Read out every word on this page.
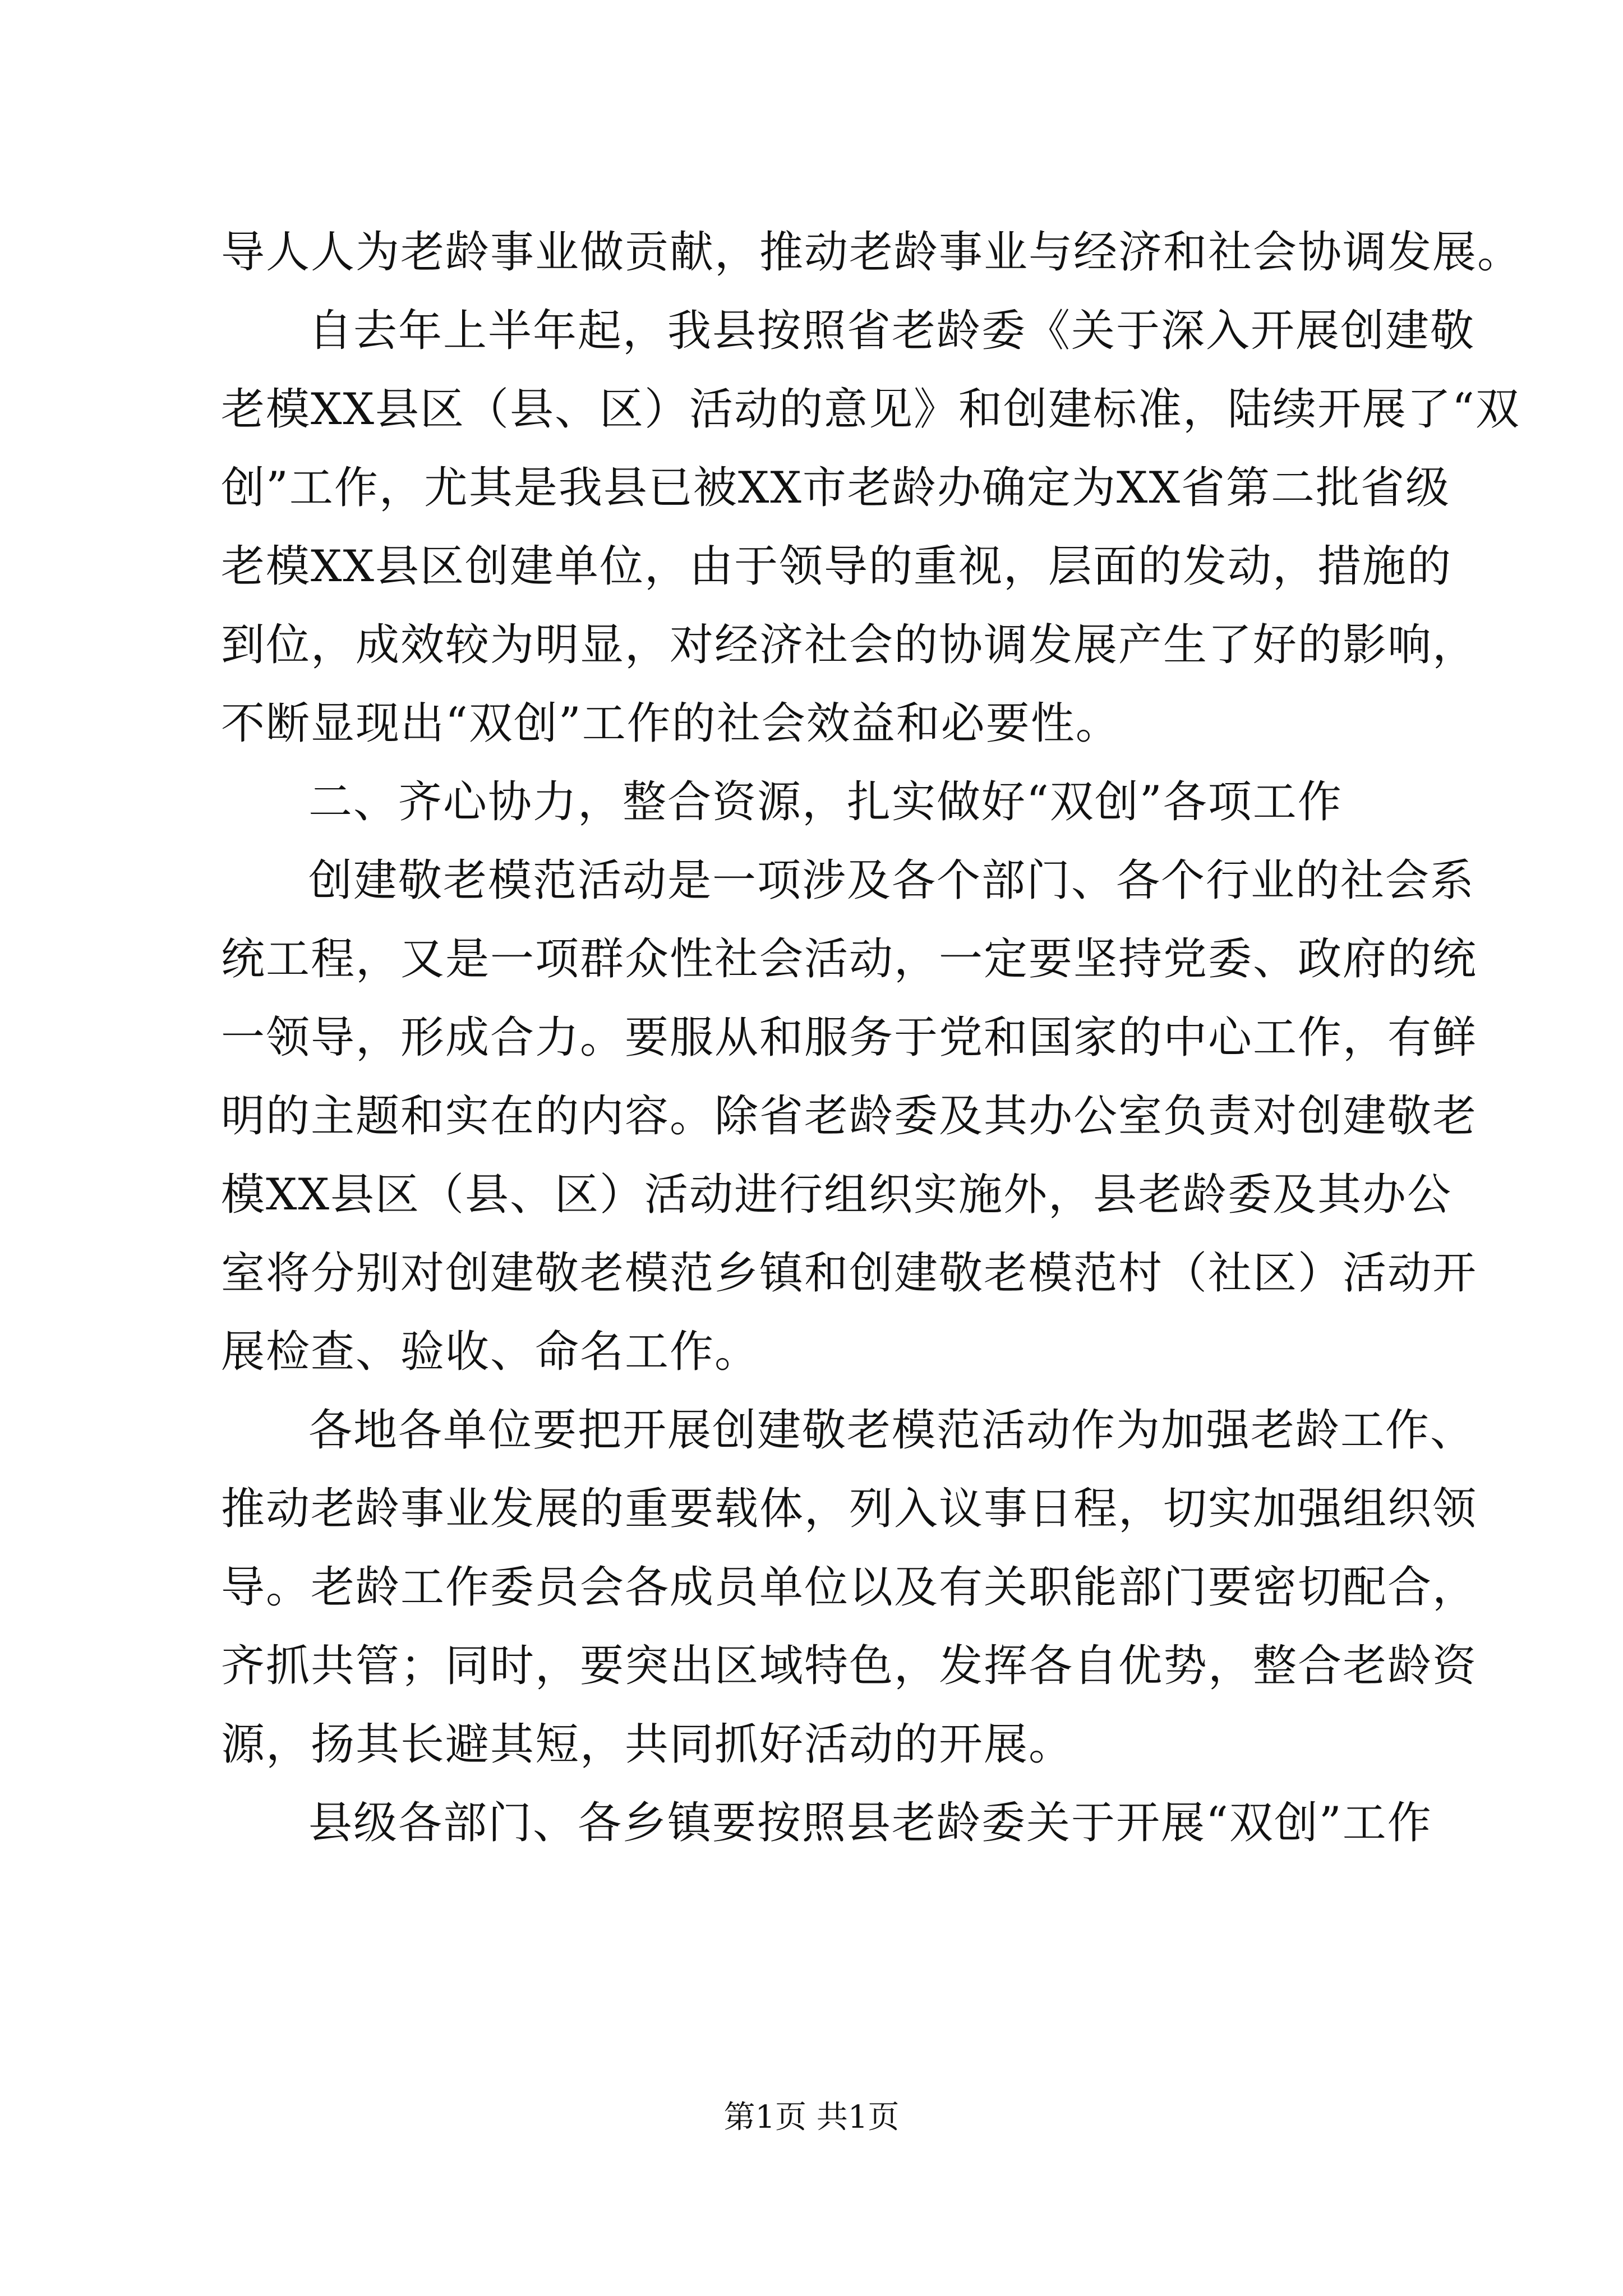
导人人为老龄事业做贡献，推动老龄事业与经济和社会协调发展。
自去年上半年起，我县按照省老龄委《关于深入开展创建敬
老模XX县区（县、区）活动的意见》和创建标准，陆续开展了“双
创”工作，尤其是我县已被XX市老龄办确定为XX省第二批省级
老模XX县区创建单位，由于领导的重视，层面的发动，措施的
到位，成效较为明显，对经济社会的协调发展产生了好的影响，
不断显现出“双创”工作的社会效益和必要性。
二、齐心协力，整合资源，扎实做好“双创”各项工作
创建敬老模范活动是一项涉及各个部门、各个行业的社会系
统工程，又是一项群众性社会活动，一定要坚持党委、政府的统
一领导，形成合力。要服从和服务于党和国家的中心工作，有鲜
明的主题和实在的内容。除省老龄委及其办公室负责对创建敬老
模XX县区（县、区）活动进行组织实施外，县老龄委及其办公
室将分别对创建敬老模范乡镇和创建敬老模范村（社区）活动开
展检查、验收、命名工作。
各地各单位要把开展创建敬老模范活动作为加强老龄工作、
推动老龄事业发展的重要载体，列入议事日程，切实加强组织领
导。老龄工作委员会各成员单位以及有关职能部门要密切配合，
齐抓共管；同时，要突出区域特色，发挥各自优势，整合老龄资
源，扬其长避其短，共同抓好活动的开展。
县级各部门、各乡镇要按照县老龄委关于开展“双创”工作
第1页 共1页
